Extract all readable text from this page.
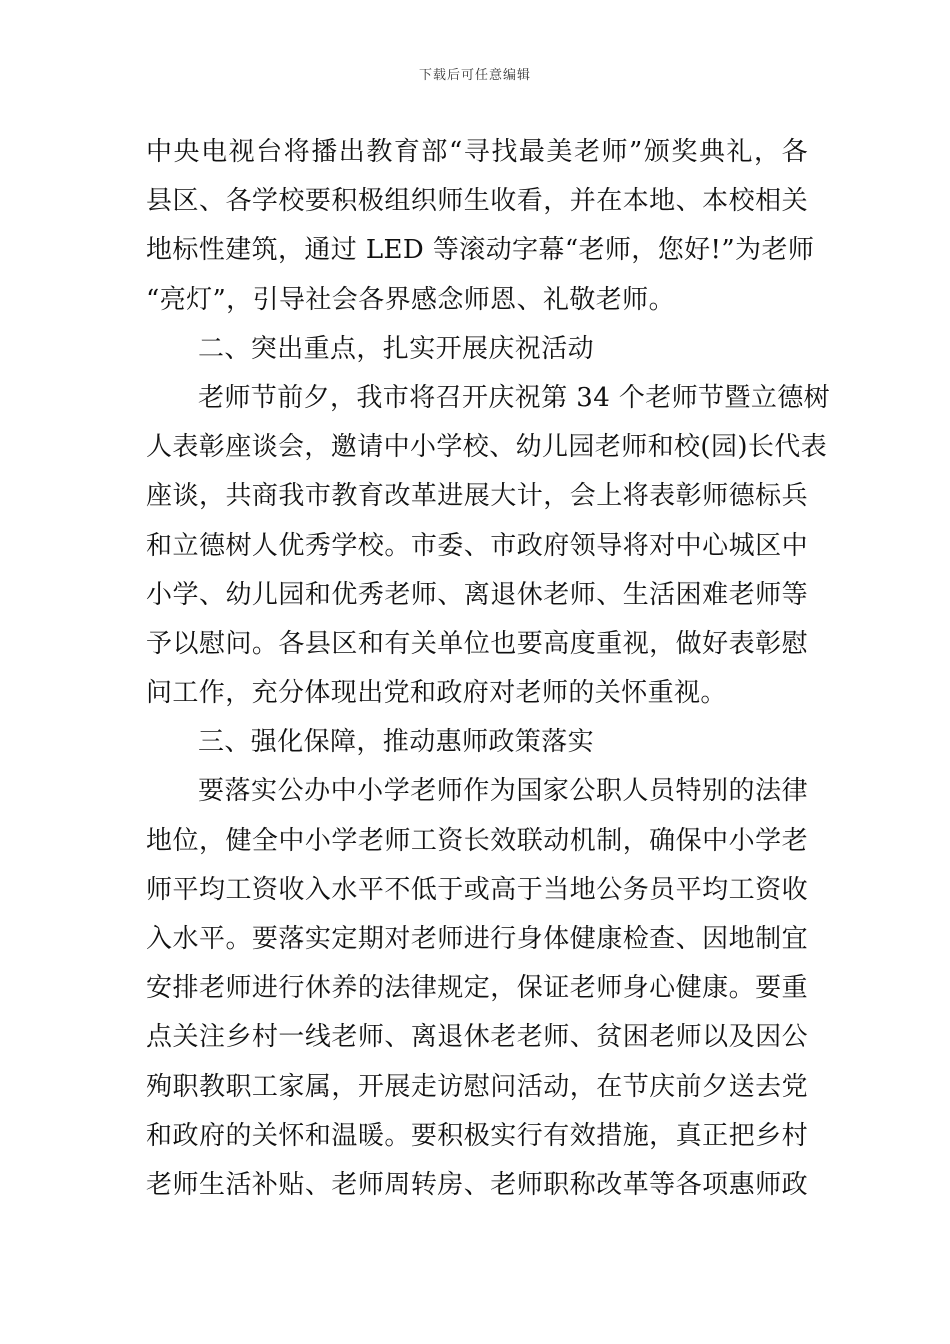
下载后可任意编辑
中央电视台将播出教育部“寻找最美老师”颁奖典礼，各
县区、各学校要积极组织师生收看，并在本地、本校相关
地标性建筑，通过 LED 等滚动字幕“老师，您好!”为老师
“亮灯”，引导社会各界感念师恩、礼敬老师。
二、突出重点，扎实开展庆祝活动
老师节前夕，我市将召开庆祝第 34 个老师节暨立德树
人表彰座谈会，邀请中小学校、幼儿园老师和校(园)长代表
座谈，共商我市教育改革进展大计，会上将表彰师德标兵
和立德树人优秀学校。市委、市政府领导将对中心城区中
小学、幼儿园和优秀老师、离退休老师、生活困难老师等
予以慰问。各县区和有关单位也要高度重视，做好表彰慰
问工作，充分体现出党和政府对老师的关怀重视。
三、强化保障，推动惠师政策落实
要落实公办中小学老师作为国家公职人员特别的法律
地位，健全中小学老师工资长效联动机制，确保中小学老
师平均工资收入水平不低于或高于当地公务员平均工资收
入水平。要落实定期对老师进行身体健康检查、因地制宜
安排老师进行休养的法律规定，保证老师身心健康。要重
点关注乡村一线老师、离退休老老师、贫困老师以及因公
殉职教职工家属，开展走访慰问活动，在节庆前夕送去党
和政府的关怀和温暖。要积极实行有效措施，真正把乡村
老师生活补贴、老师周转房、老师职称改革等各项惠师政
